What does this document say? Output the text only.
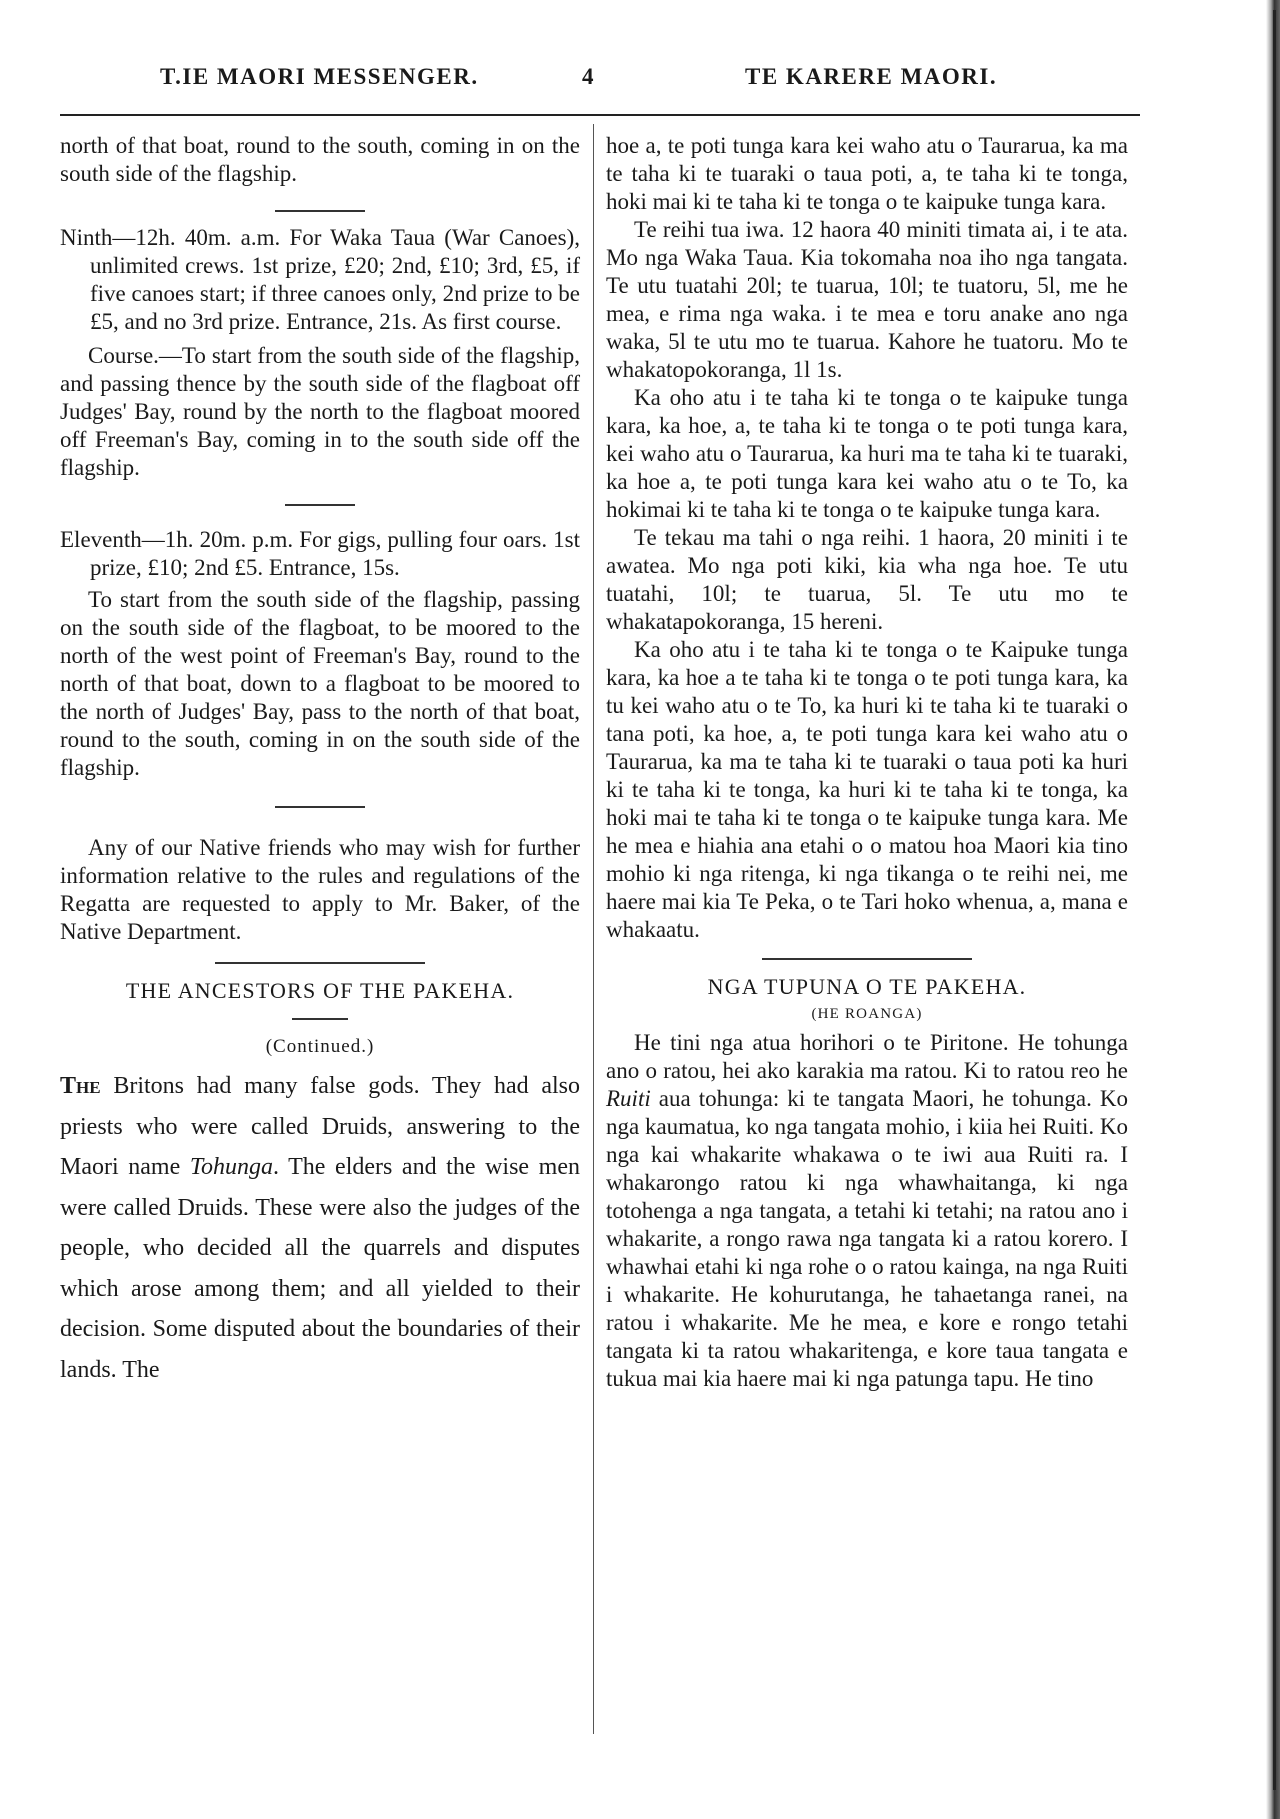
T.IE MAORI MESSENGER.	4	TE KARERE MAORI.

north of that boat, round to the south, coming in on the south side of the flagship.

Ninth—12h. 40m. a.m. For Waka Taua (War Canoes), unlimited crews. 1st prize, £20; 2nd, £10; 3rd, £5, if five canoes start; if three canoes only, 2nd prize to be £5, and no 3rd prize. Entrance, 21s. As first course.

Course.—To start from the south side of the flagship, and passing thence by the south side of the flagboat off Judges' Bay, round by the north to the flagboat moored off Freeman's Bay, coming in to the south side off the flagship.

Eleventh—1h. 20m. p.m. For gigs, pulling four oars. 1st prize, £10; 2nd £5. Entrance, 15s.

To start from the south side of the flagship, passing on the south side of the flagboat, to be moored to the north of the west point of Freeman's Bay, round to the north of that boat, down to a flagboat to be moored to the north of Judges' Bay, pass to the north of that boat, round to the south, coming in on the south side of the flagship.

Any of our Native friends who may wish for further information relative to the rules and regulations of the Regatta are requested to apply to Mr. Baker, of the Native Department.

THE ANCESTORS OF THE PAKEHA.

(Continued.)

The Britons had many false gods. They had also priests who were called Druids, answering to the Maori name Tohunga. The elders and the wise men were called Druids. These were also the judges of the people, who decided all the quarrels and disputes which arose among them; and all yielded to their decision. Some disputed about the boundaries of their lands. The

hoe a, te poti tunga kara kei waho atu o Taurarua, ka ma te taha ki te tuaraki o taua poti, a, te taha ki te tonga, hoki mai ki te taha ki te tonga o te kaipuke tunga kara.

Te reihi tua iwa. 12 haora 40 miniti timata ai, i te ata. Mo nga Waka Taua. Kia tokomaha noa iho nga tangata. Te utu tuatahi 20l; te tuarua, 10l; te tuatoru, 5l, me he mea, e rima nga waka. i te mea e toru anake ano nga waka, 5l te utu mo te tuarua. Kahore he tuatoru. Mo te whakatopokoranga, 1l 1s.

Ka oho atu i te taha ki te tonga o te kaipuke tunga kara, ka hoe, a, te taha ki te tonga o te poti tunga kara, kei waho atu o Taurarua, ka huri ma te taha ki te tuaraki, ka hoe a, te poti tunga kara kei waho atu o te To, ka hokimai ki te taha ki te tonga o te kaipuke tunga kara.

Te tekau ma tahi o nga reihi. 1 haora, 20 miniti i te awatea. Mo nga poti kiki, kia wha nga hoe. Te utu tuatahi, 10l; te tuarua, 5l. Te utu mo te whakatapokoranga, 15 hereni.

Ka oho atu i te taha ki te tonga o te Kaipuke tunga kara, ka hoe a te taha ki te tonga o te poti tunga kara, ka tu kei waho atu o te To, ka huri ki te taha ki te tuaraki o tana poti, ka hoe, a, te poti tunga kara kei waho atu o Taurarua, ka ma te taha ki te tuaraki o taua poti ka huri ki te taha ki te tonga, ka huri ki te taha ki te tonga, ka hoki mai te taha ki te tonga o te kaipuke tunga kara. Me he mea e hiahia ana etahi o o matou hoa Maori kia tino mohio ki nga ritenga, ki nga tikanga o te reihi nei, me haere mai kia Te Peka, o te Tari hoko whenua, a, mana e whakaatu.

NGA TUPUNA O TE PAKEHA.

(HE ROANGA)

He tini nga atua horihori o te Piritone. He tohunga ano o ratou, hei ako karakia ma ratou. Ki to ratou reo he Ruiti aua tohunga: ki te tangata Maori, he tohunga. Ko nga kaumatua, ko nga tangata mohio, i kiia hei Ruiti. Ko nga kai whakarite whakawa o te iwi aua Ruiti ra. I whakarongo ratou ki nga whawhaitanga, ki nga totohenga a nga tangata, a tetahi ki tetahi; na ratou ano i whakarite, a rongo rawa nga tangata ki a ratou korero. I whawhai etahi ki nga rohe o o ratou kainga, na nga Ruiti i whakarite. He kohurutanga, he tahaetanga ranei, na ratou i whakarite. Me he mea, e kore e rongo tetahi tangata ki ta ratou whakaritenga, e kore taua tangata e tukua mai kia haere mai ki nga patunga tapu. He tino
